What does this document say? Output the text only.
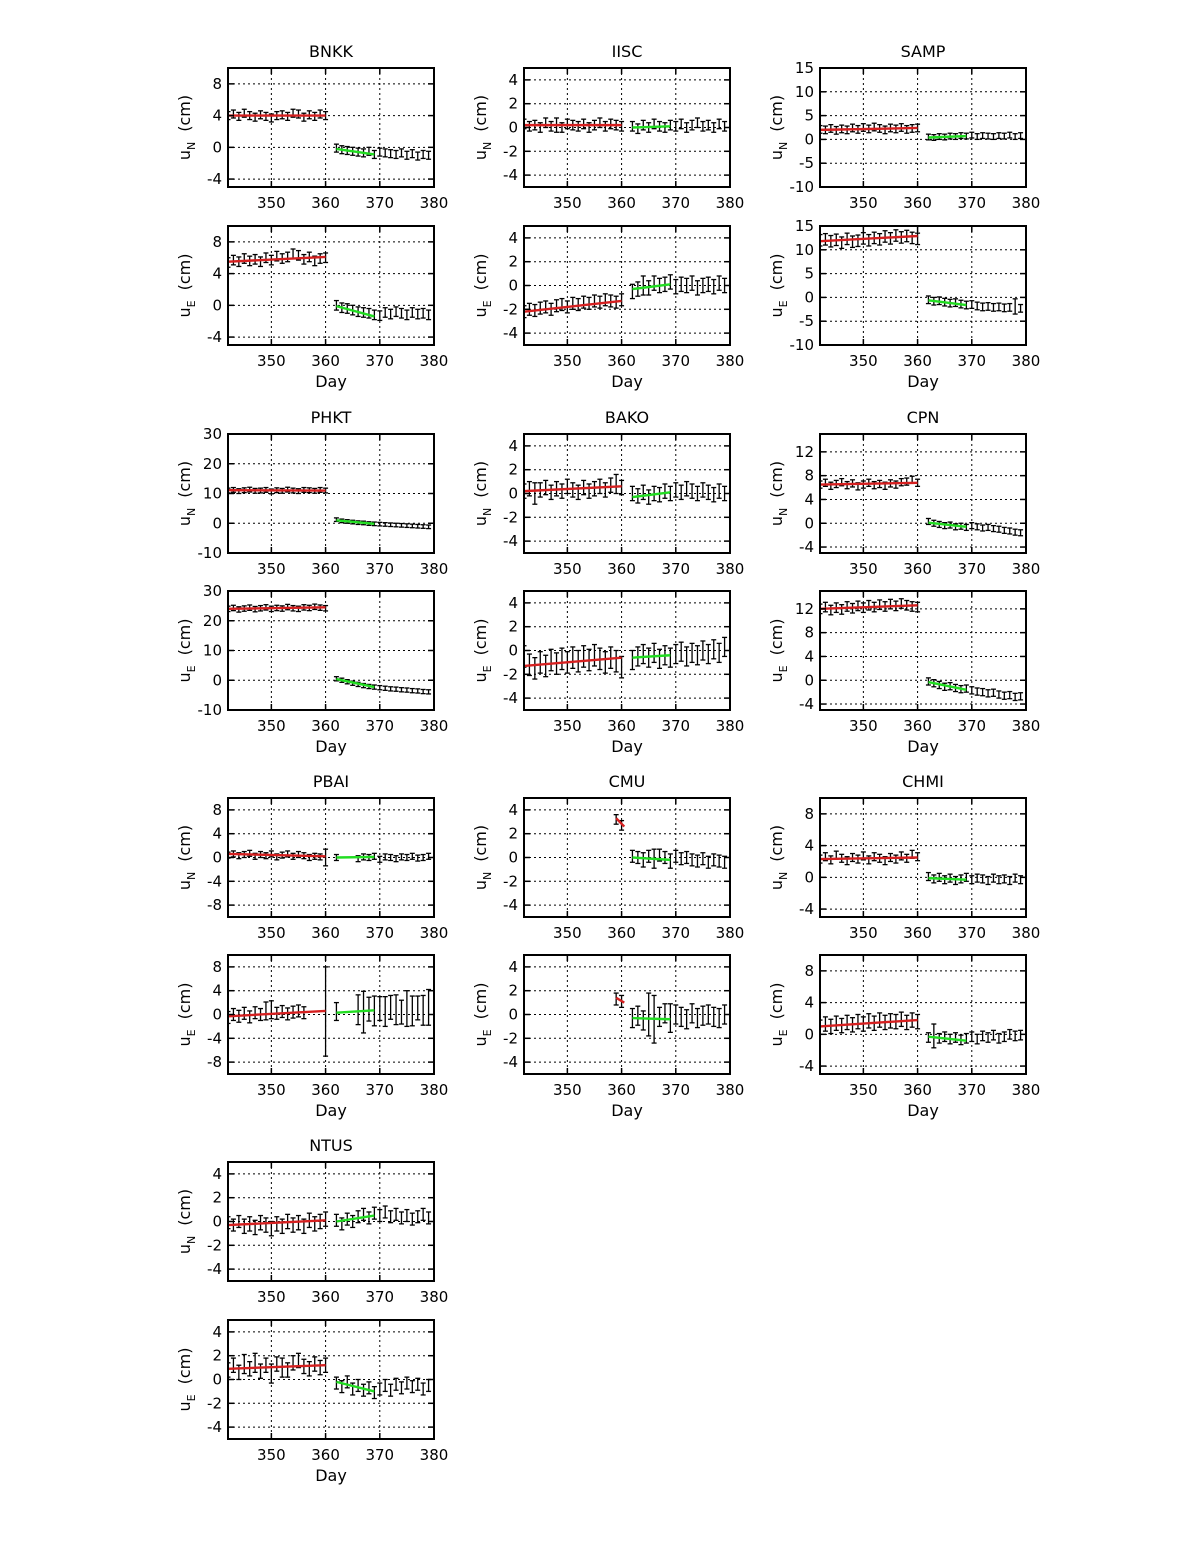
350 360 370 380
-4
0
4
8
$u_N(cm)$
BNKK
350 360 370 380
-4
0
4
8
$u_E(cm)$
Day
350 360 370 380
-4
-2
0
2
4
$u_N(cm)$
IISC
350 360 370 380
-4
-2
0
2
4
$u_E(cm)$
Day
350 360 370 380
-10
-5
0
5
10
15
$u_N(cm)$
SAMP
350 360 370 380
-10
-5
0
5
10
15
$u_E(cm)$
Day
350 360 370 380
-10
0
10
20
30
$u_N(cm)$
PHKT
350 360 370 380
-10
0
10
20
30
$u_E(cm)$
Day
350 360 370 380
-4
-2
0
2
4
$u_N(cm)$
BAKO
350 360 370 380
-4
-2
0
2
4
$u_E(cm)$
Day
350 360 370 380
-4
0
4
8
12
$u_N(cm)$
CPN
350 360 370 380
-4
0
4
8
12
$u_E(cm)$
Day
350 360 370 380
-8
-4
0
4
8
$u_N(cm)$
PBAI
350 360 370 380
-8
-4
0
4
8
$u_E(cm)$
Day
350 360 370 380
-4
-2
0
2
4
$u_N(cm)$
CMU
350 360 370 380
-4
-2
0
2
4
$u_E(cm)$
Day
350 360 370 380
-4
0
4
8
$u_N(cm)$
CHMI
350 360 370 380
-4
0
4
8
$u_E(cm)$
Day
350 360 370 380
-4
-2
0
2
4
$u_N(cm)$
NTUS
350 360 370 380
-4
-2
0
2
4
$u_E(cm)$
Day
